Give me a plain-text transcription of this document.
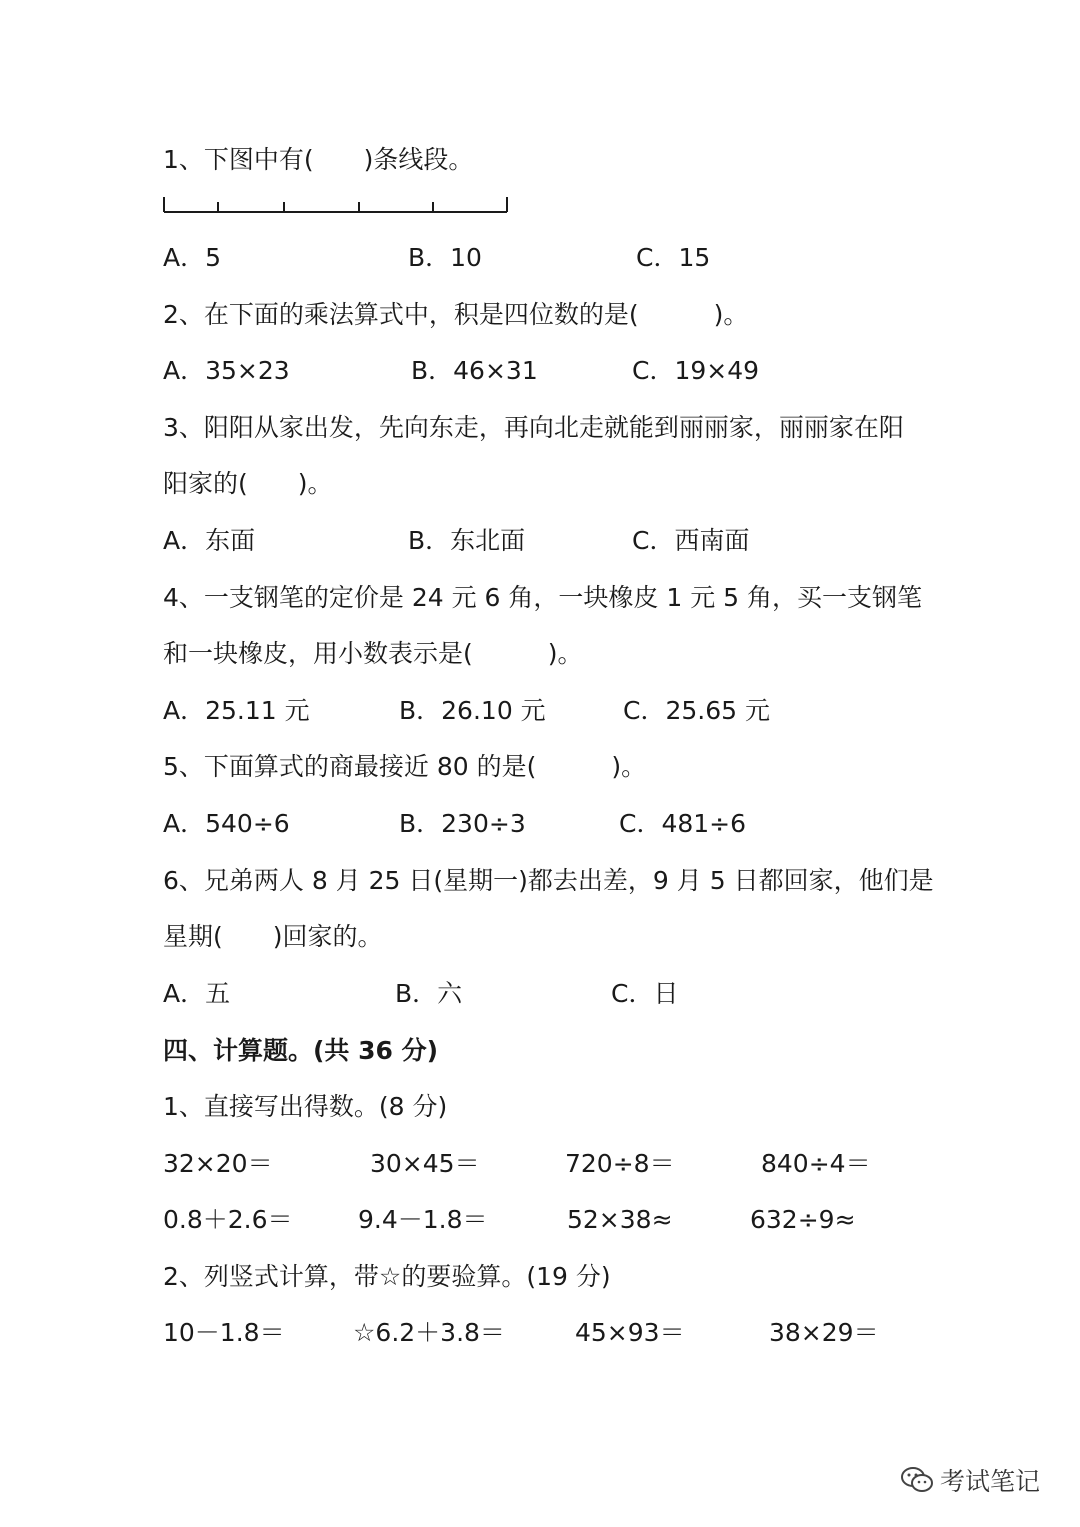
1、下图中有(　　)条线段。
A．5	B．10	C．15
2、在下面的乘法算式中，积是四位数的是(　　　)。
A．35×23	B．46×31	C．19×49
3、阳阳从家出发，先向东走，再向北走就能到丽丽家，丽丽家在阳
阳家的(　　)。
A．东面	B．东北面	C．西南面
4、一支钢笔的定价是 24 元 6 角，一块橡皮 1 元 5 角，买一支钢笔
和一块橡皮，用小数表示是(　　　)。
A．25.11 元	B．26.10 元	C．25.65 元
5、下面算式的商最接近 80 的是(　　　)。
A．540÷6	B．230÷3	C．481÷6
6、兄弟两人 8 月 25 日(星期一)都去出差，9 月 5 日都回家，他们是
星期(　　)回家的。
A．五	B．六	C．日
四、计算题。(共 36 分)
1、直接写出得数。(8 分)
32×20＝	30×45＝	720÷8＝	840÷4＝
0.8＋2.6＝	9.4－1.8＝	52×38≈	632÷9≈
2、列竖式计算，带☆的要验算。(19 分)
10－1.8＝	☆6.2＋3.8＝	45×93＝	38×29＝
考试笔记
